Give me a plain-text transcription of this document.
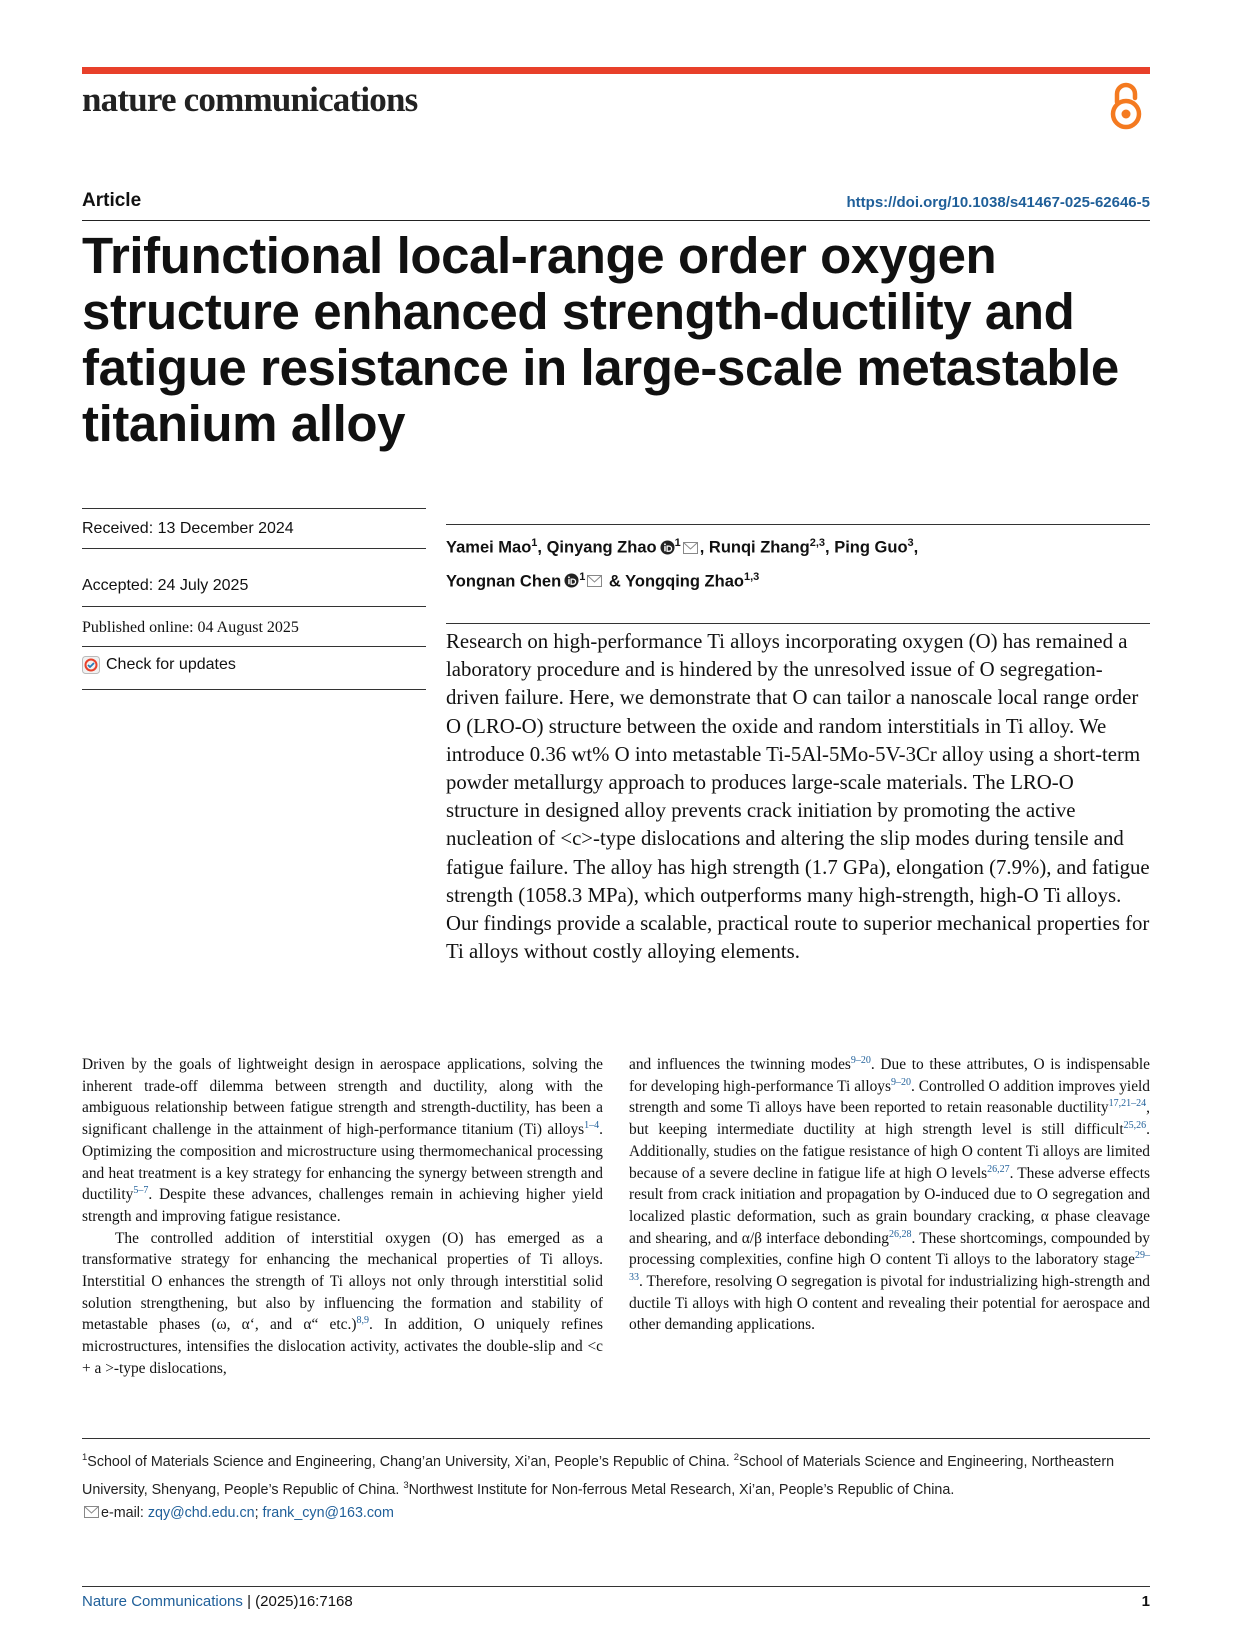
nature communications
Article	https://doi.org/10.1038/s41467-025-62646-5
Trifunctional local-range order oxygen structure enhanced strength-ductility and fatigue resistance in large-scale metastable titanium alloy
Received: 13 December 2024
Accepted: 24 July 2025
Published online: 04 August 2025
Check for updates
Yamei Mao$^1$, Qinyang Zhao $^1$ , Runqi Zhang$^{2,3}$, Ping Guo$^3$,
Yongnan Chen $^1$ & Yongqing Zhao$^{1,3}$

Research on high-performance Ti alloys incorporating oxygen (O) has remained a laboratory procedure and is hindered by the unresolved issue of O segregation-driven failure. Here, we demonstrate that O can tailor a nanoscale local range order O (LRO-O) structure between the oxide and random interstitials in Ti alloy. We introduce 0.36 wt% O into metastable Ti-5Al-5Mo-5V-3Cr alloy using a short-term powder metallurgy approach to produces large-scale materials. The LRO-O structure in designed alloy prevents crack initiation by promoting the active nucleation of <c>-type dislocations and altering the slip modes during tensile and fatigue failure. The alloy has high strength (1.7 GPa), elongation (7.9%), and fatigue strength (1058.3 MPa), which outperforms many high-strength, high-O Ti alloys. Our findings provide a scalable, practical route to superior mechanical properties for Ti alloys without costly alloying elements.

Driven by the goals of lightweight design in aerospace applications, solving the inherent trade-off dilemma between strength and ductility, along with the ambiguous relationship between fatigue strength and strength-ductility, has been a significant challenge in the attainment of high-performance titanium (Ti) alloys$^{1-4}$. Optimizing the composition and microstructure using thermomechanical processing and heat treatment is a key strategy for enhancing the synergy between strength and ductility$^{5-7}$. Despite these advances, challenges remain in achieving higher yield strength and improving fatigue resistance.

The controlled addition of interstitial oxygen (O) has emerged as a transformative strategy for enhancing the mechanical properties of Ti alloys. Interstitial O enhances the strength of Ti alloys not only through interstitial solid solution strengthening, but also by influencing the formation and stability of metastable phases (ω, α‘, and α“ etc.)$^{8,9}$. In addition, O uniquely refines microstructures, intensifies the dislocation activity, activates the double-slip and <c + a >-type dislocations,

and influences the twinning modes$^{9-20}$. Due to these attributes, O is indispensable for developing high-performance Ti alloys$^{9-20}$. Controlled O addition improves yield strength and some Ti alloys have been reported to retain reasonable ductility$^{17,21-24}$, but keeping intermediate ductility at high strength level is still difficult$^{25,26}$. Additionally, studies on the fatigue resistance of high O content Ti alloys are limited because of a severe decline in fatigue life at high O levels$^{26,27}$. These adverse effects result from crack initiation and propagation by O-induced due to O segregation and localized plastic deformation, such as grain boundary cracking, α phase cleavage and shearing, and α/β interface debonding$^{26,28}$. These shortcomings, compounded by processing complexities, confine high O content Ti alloys to the laboratory stage$^{29-33}$. Therefore, resolving O segregation is pivotal for industrializing high-strength and ductile Ti alloys with high O content and revealing their potential for aerospace and other demanding applications.

$^1$School of Materials Science and Engineering, Chang’an University, Xi’an, People’s Republic of China. $^2$School of Materials Science and Engineering, Northeastern University, Shenyang, People’s Republic of China. $^3$Northwest Institute for Non-ferrous Metal Research, Xi’an, People’s Republic of China.
e-mail: zqy@chd.edu.cn; frank_cyn@163.com

Nature Communications | (2025)16:7168	1
